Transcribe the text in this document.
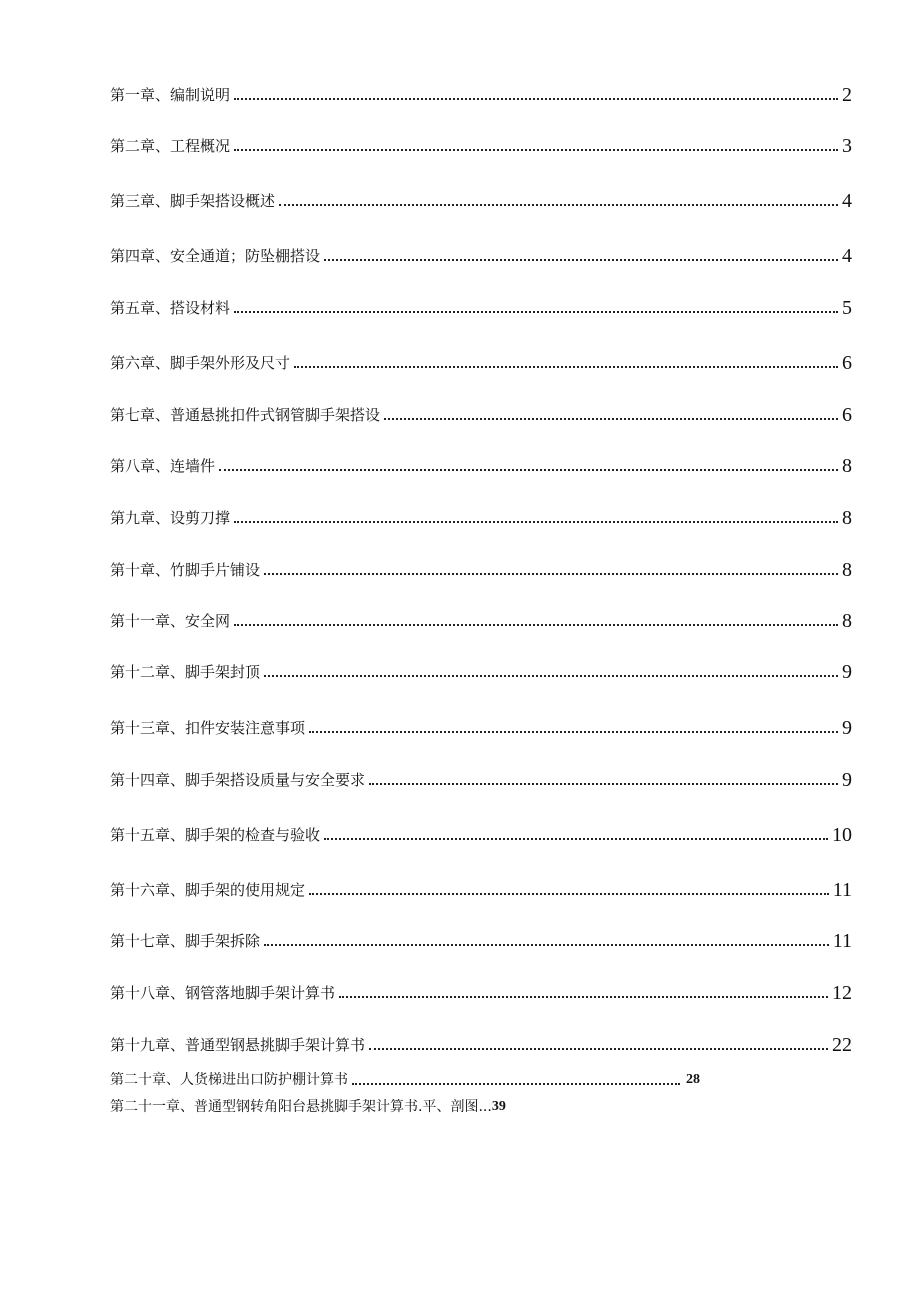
第一章、编制说明	2
第二章、工程概况	3
第三章、脚手架搭设概述	4
第四章、安全通道；防坠棚搭设	4
第五章、搭设材料	5
第六章、脚手架外形及尺寸	6
第七章、普通悬挑扣件式钢管脚手架搭设	6
第八章、连墙件	8
第九章、设剪刀撑	8
第十章、竹脚手片铺设	8
第十一章、安全网	8
第十二章、脚手架封顶	9
第十三章、扣件安装注意事项	9
第十四章、脚手架搭设质量与安全要求	9
第十五章、脚手架的检查与验收	10
第十六章、脚手架的使用规定	11
第十七章、脚手架拆除	11
第十八章、钢管落地脚手架计算书	12
第十九章、普通型钢悬挑脚手架计算书	22
第二十章、人货梯进出口防护棚计算书	28
第二十一章、普通型钢转角阳台悬挑脚手架计算书.平、剖图... 39
